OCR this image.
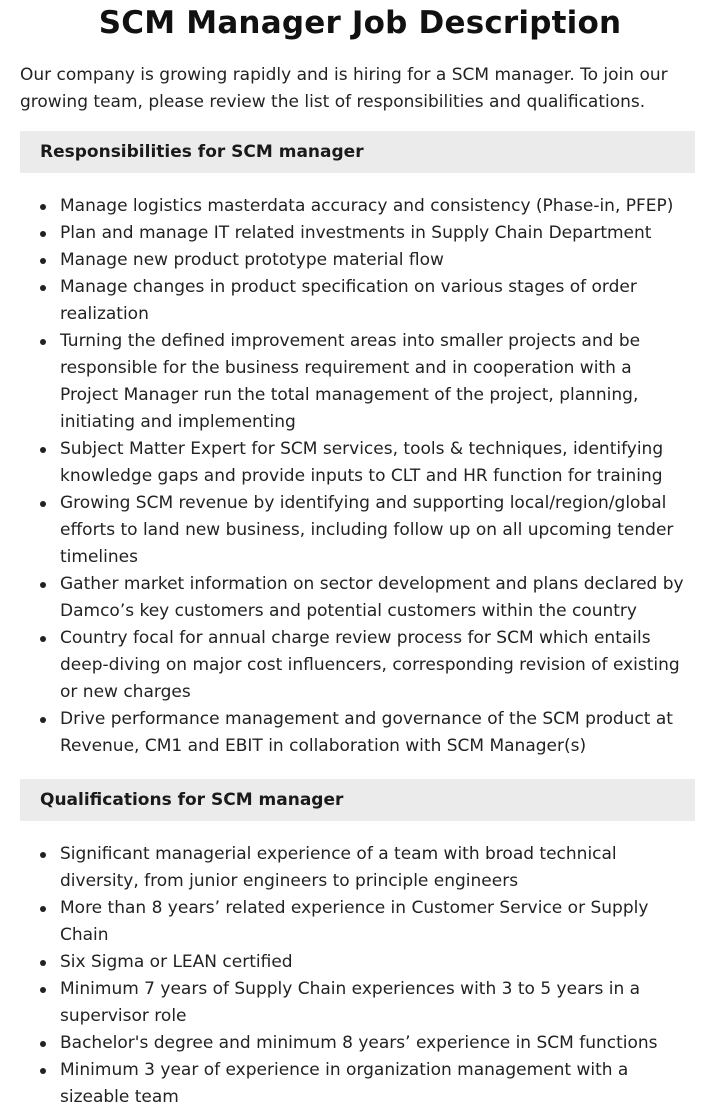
SCM Manager Job Description

Our company is growing rapidly and is hiring for a SCM manager. To join our growing team, please review the list of responsibilities and qualifications.

Responsibilities for SCM manager
Manage logistics masterdata accuracy and consistency (Phase-in, PFEP)
Plan and manage IT related investments in Supply Chain Department
Manage new product prototype material flow
Manage changes in product specification on various stages of order realization
Turning the defined improvement areas into smaller projects and be responsible for the business requirement and in cooperation with a Project Manager run the total management of the project, planning, initiating and implementing
Subject Matter Expert for SCM services, tools & techniques, identifying knowledge gaps and provide inputs to CLT and HR function for training
Growing SCM revenue by identifying and supporting local/region/global efforts to land new business, including follow up on all upcoming tender timelines
Gather market information on sector development and plans declared by Damco’s key customers and potential customers within the country
Country focal for annual charge review process for SCM which entails deep-diving on major cost influencers, corresponding revision of existing or new charges
Drive performance management and governance of the SCM product at Revenue, CM1 and EBIT in collaboration with SCM Manager(s)
Qualifications for SCM manager
Significant managerial experience of a team with broad technical diversity, from junior engineers to principle engineers
More than 8 years’ related experience in Customer Service or Supply Chain
Six Sigma or LEAN certified
Minimum 7 years of Supply Chain experiences with 3 to 5 years in a supervisor role
Bachelor's degree and minimum 8 years’ experience in SCM functions
Minimum 3 year of experience in organization management with a sizeable team
